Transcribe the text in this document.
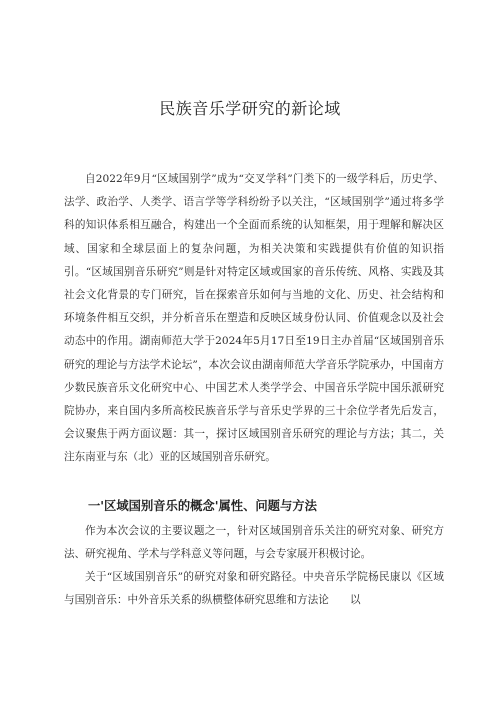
民族音乐学研究的新论域

自2022年9月“区域国别学”成为“交叉学科”门类下的一级学科后，历史学、法学、政治学、人类学、语言学等学科纷纷予以关注，“区域国别学”通过将多学科的知识体系相互融合，构建出一个全面而系统的认知框架，用于理解和解决区域、国家和全球层面上的复杂问题，为相关决策和实践提供有价值的知识指引。“区域国别音乐研究”则是针对特定区域或国家的音乐传统、风格、实践及其社会文化背景的专门研究，旨在探索音乐如何与当地的文化、历史、社会结构和环境条件相互交织，并分析音乐在塑造和反映区域身份认同、价值观念以及社会动态中的作用。湖南师范大学于2024年5月17日至19日主办首届“区域国别音乐研究的理论与方法学术论坛”，本次会议由湖南师范大学音乐学院承办，中国南方少数民族音乐文化研究中心、中国艺术人类学学会、中国音乐学院中国乐派研究院协办，来自国内多所高校民族音乐学与音乐史学界的三十余位学者先后发言，会议聚焦于两方面议题：其一，探讨区域国别音乐研究的理论与方法；其二，关注东南亚与东（北）亚的区域国别音乐研究。

一'区域国别音乐的概念'属性、问题与方法

作为本次会议的主要议题之一，针对区域国别音乐关注的研究对象、研究方法、研究视角、学术与学科意义等问题，与会专家展开积极讨论。

关于“区域国别音乐”的研究对象和研究路径。中央音乐学院杨民康以《区域与国别音乐：中外音乐关系的纵横整体研究思维和方法论　　以
